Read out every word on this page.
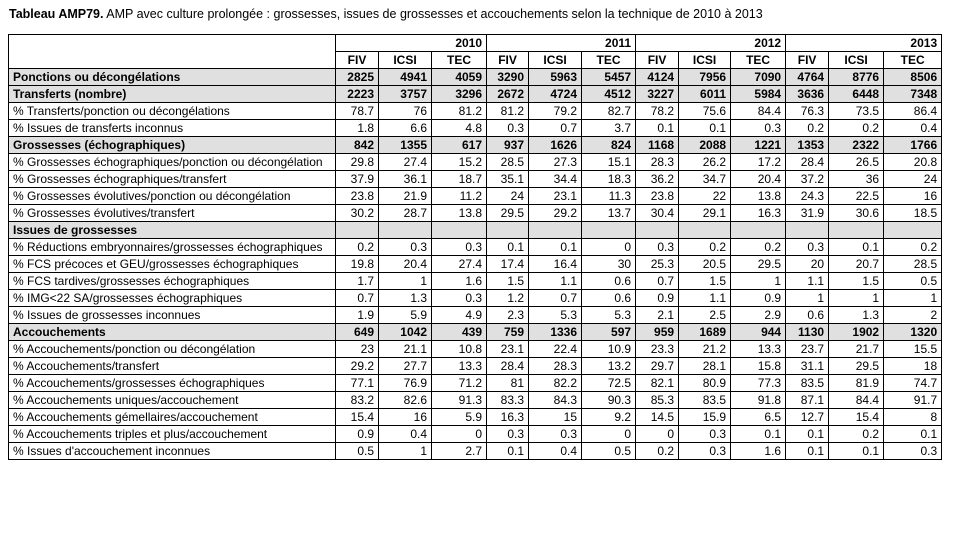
Tableau AMP79. AMP avec culture prolongée : grossesses, issues de grossesses et accouchements selon la technique de 2010 à 2013
	2010			2011			2012			2013		
	FIV	ICSI	TEC	FIV	ICSI	TEC	FIV	ICSI	TEC	FIV	ICSI	TEC
Ponctions ou décongélations	2825	4941	4059	3290	5963	5457	4124	7956	7090	4764	8776	8506
Transferts (nombre)	2223	3757	3296	2672	4724	4512	3227	6011	5984	3636	6448	7348
% Transferts/ponction ou décongélations	78.7	76	81.2	81.2	79.2	82.7	78.2	75.6	84.4	76.3	73.5	86.4
% Issues de transferts inconnus	1.8	6.6	4.8	0.3	0.7	3.7	0.1	0.1	0.3	0.2	0.2	0.4
Grossesses (échographiques)	842	1355	617	937	1626	824	1168	2088	1221	1353	2322	1766
% Grossesses échographiques/ponction ou décongélation	29.8	27.4	15.2	28.5	27.3	15.1	28.3	26.2	17.2	28.4	26.5	20.8
% Grossesses échographiques/transfert	37.9	36.1	18.7	35.1	34.4	18.3	36.2	34.7	20.4	37.2	36	24
% Grossesses évolutives/ponction ou décongélation	23.8	21.9	11.2	24	23.1	11.3	23.8	22	13.8	24.3	22.5	16
% Grossesses évolutives/transfert	30.2	28.7	13.8	29.5	29.2	13.7	30.4	29.1	16.3	31.9	30.6	18.5
Issues de grossesses												
% Réductions embryonnaires/grossesses échographiques	0.2	0.3	0.3	0.1	0.1	0	0.3	0.2	0.2	0.3	0.1	0.2
% FCS précoces et GEU/grossesses échographiques	19.8	20.4	27.4	17.4	16.4	30	25.3	20.5	29.5	20	20.7	28.5
% FCS tardives/grossesses échographiques	1.7	1	1.6	1.5	1.1	0.6	0.7	1.5	1	1.1	1.5	0.5
% IMG<22 SA/grossesses échographiques	0.7	1.3	0.3	1.2	0.7	0.6	0.9	1.1	0.9	1	1	1
% Issues de grossesses inconnues	1.9	5.9	4.9	2.3	5.3	5.3	2.1	2.5	2.9	0.6	1.3	2
Accouchements	649	1042	439	759	1336	597	959	1689	944	1130	1902	1320
% Accouchements/ponction ou décongélation	23	21.1	10.8	23.1	22.4	10.9	23.3	21.2	13.3	23.7	21.7	15.5
% Accouchements/transfert	29.2	27.7	13.3	28.4	28.3	13.2	29.7	28.1	15.8	31.1	29.5	18
% Accouchements/grossesses échographiques	77.1	76.9	71.2	81	82.2	72.5	82.1	80.9	77.3	83.5	81.9	74.7
% Accouchements uniques/accouchement	83.2	82.6	91.3	83.3	84.3	90.3	85.3	83.5	91.8	87.1	84.4	91.7
% Accouchements gémellaires/accouchement	15.4	16	5.9	16.3	15	9.2	14.5	15.9	6.5	12.7	15.4	8
% Accouchements triples et plus/accouchement	0.9	0.4	0	0.3	0.3	0	0	0.3	0.1	0.1	0.2	0.1
% Issues d'accouchement inconnues	0.5	1	2.7	0.1	0.4	0.5	0.2	0.3	1.6	0.1	0.1	0.3
